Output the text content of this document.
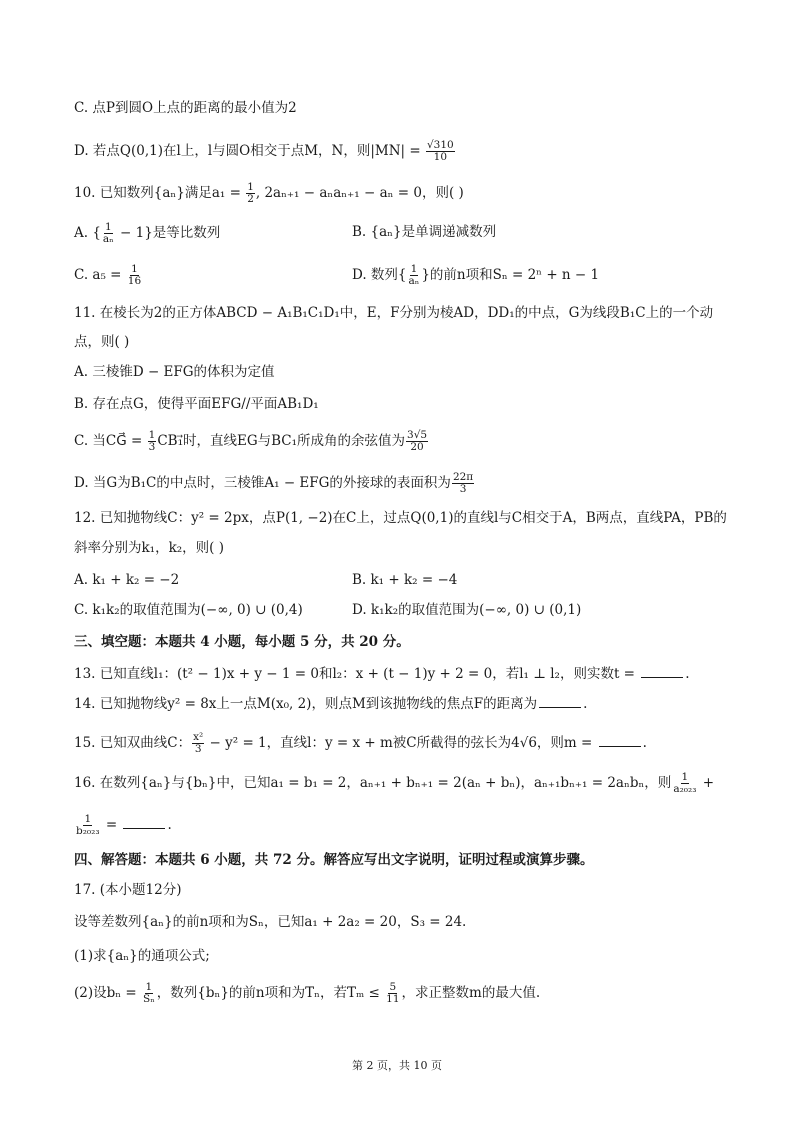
C. 点P到圆O上点的距离的最小值为2
D. 若点Q(0,1)在l上，l与圆O相交于点M，N，则$|MN| = \frac{√310}{10}$
10. 已知数列{aₙ}满足$a_1 = \frac{1}{2}$ , 2aₙ₊₁ − aₙaₙ₊₁ − aₙ = 0，则( )
A. { $\frac{1}{\text{aₙ}} - 1$}是等比数列	B. {aₙ}是单调递减数列
C. $a_5 = \frac{1}{16}$	D. 数列{ $\frac{1}{\text{aₙ}}$ }的前n项和Sₙ = 2ⁿ + n − 1
11. 在棱长为2的正方体ABCD − A₁B₁C₁D₁中，E，F分别为棱AD，DD₁的中点，G为线段B₁C上的一个动
点，则( )
A. 三棱锥D − EFG的体积为定值
B. 存在点G，使得平面EFG//平面AB₁D₁
C. 当CG⃗ = $\frac{1}{3}$ CB₁⃗时，直线EG与BC₁所成角的余弦值为 $\frac{3√5}{20}$
D. 当G为B₁C的中点时，三棱锥A₁ − EFG的外接球的表面积为 $\frac{22\pi}{3}$
12. 已知抛物线C：y² = 2px，点P(1, −2)在C上，过点Q(0,1)的直线l与C相交于A，B两点，直线PA，PB的
斜率分别为k₁，k₂，则( )
A. k₁ + k₂ = −2	B. k₁ + k₂ = −4
C. k₁k₂的取值范围为(−∞, 0) ∪ (0,4)	D. k₁k₂的取值范围为(−∞, 0) ∪ (0,1)
三、填空题：本题共 4 小题，每小题 5 分，共 20 分。
13. 已知直线l₁：(t² − 1)x + y − 1 = 0和l₂：x + (t − 1)y + 2 = 0，若l₁ ⊥ l₂，则实数t =	.
14. 已知抛物线y² = 8x上一点M(x₀, 2)，则点M到该抛物线的焦点F的距离为	.
15. 已知双曲线C： $\frac{\text{x²}}{3} - y^2 = 1$，直线l：y = x + m被C所截得的弦长为4√6，则m =	.
16. 在数列{aₙ}与{bₙ}中，已知a₁ = b₁ = 2，aₙ₊₁ + bₙ₊₁ = 2(aₙ + bₙ)，aₙ₊₁bₙ₊₁ = 2aₙbₙ，则 $\frac{1}{\text{a₂₀₂₃}}$ +
$\frac{1}{\text{b₂₀₂₃}}$ =	.
四、解答题：本题共 6 小题，共 72 分。解答应写出文字说明，证明过程或演算步骤。
17. (本小题12分)
设等差数列{aₙ}的前n项和为Sₙ，已知a₁ + 2a₂ = 20，S₃ = 24.
(1)求{aₙ}的通项公式;
(2)设$b_n = \frac{1}{\text{Sₙ}}$ ，数列{bₙ}的前n项和为Tₙ，若$T_m \le \frac{5}{11}$ ，求正整数m的最大值.
第 2 页，共 10 页
